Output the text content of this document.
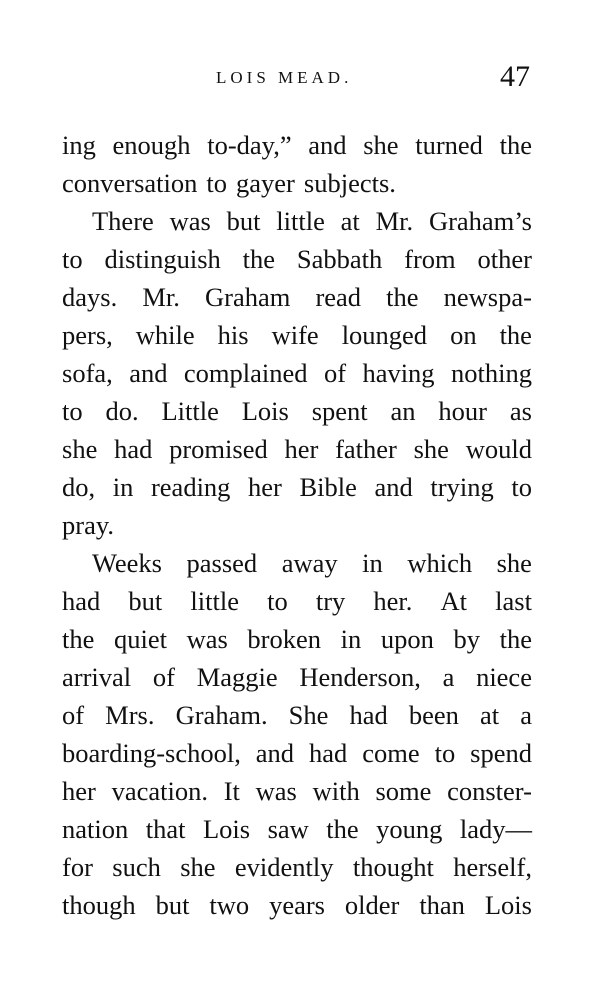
LOIS MEAD.	47
ing enough to-day,” and she turned the
conversation to gayer subjects.
There was but little at Mr. Graham’s
to distinguish the Sabbath from other
days. Mr. Graham read the newspa-
pers, while his wife lounged on the
sofa, and complained of having nothing
to do. Little Lois spent an hour as
she had promised her father she would
do, in reading her Bible and trying to
pray.
Weeks passed away in which she
had but little to try her. At last
the quiet was broken in upon by the
arrival of Maggie Henderson, a niece
of Mrs. Graham. She had been at a
boarding-school, and had come to spend
her vacation. It was with some conster-
nation that Lois saw the young lady—
for such she evidently thought herself,
though but two years older than Lois
